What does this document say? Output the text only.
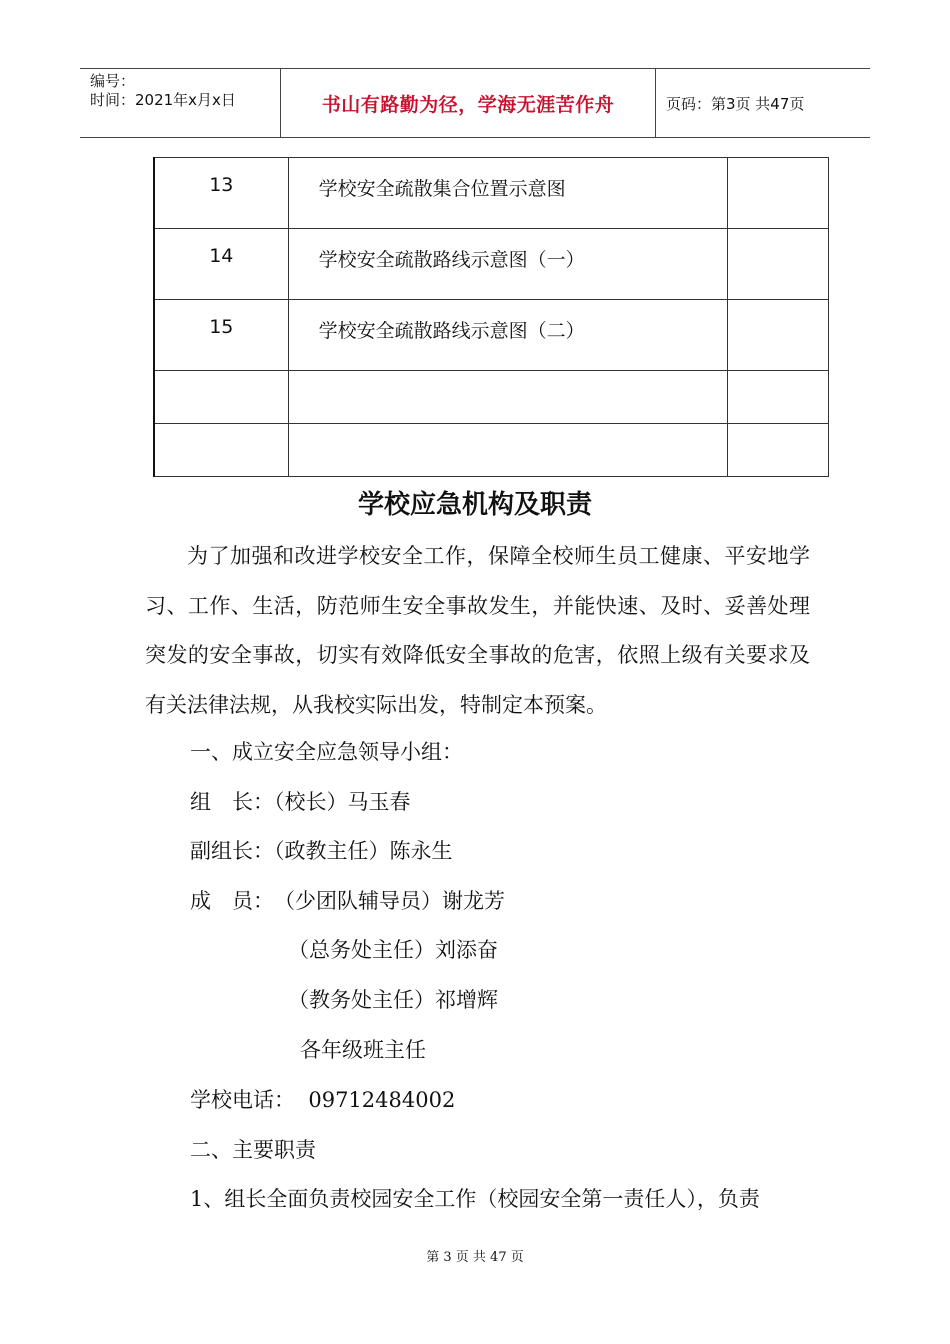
编号：
时间：2021年x月x日	书山有路勤为径，学海无涯苦作舟	页码：第3页 共47页
13	学校安全疏散集合位置示意图	
14	学校安全疏散路线示意图（一）	
15	学校安全疏散路线示意图（二）	

学校应急机构及职责
为了加强和改进学校安全工作，保障全校师生员工健康、平安地学习、工作、生活，防范师生安全事故发生，并能快速、及时、妥善处理突发的安全事故，切实有效降低安全事故的危害，依照上级有关要求及有关法律法规，从我校实际出发，特制定本预案。
一、成立安全应急领导小组：
组　长：（校长）马玉春
副组长：（政教主任）陈永生
成　员：　（少团队辅导员）谢龙芳
（总务处主任）刘添奋
（教务处主任）祁增辉
各年级班主任
学校电话：  09712484002
二、主要职责
1、组长全面负责校园安全工作（校园安全第一责任人），负责
第 3 页 共 47 页
